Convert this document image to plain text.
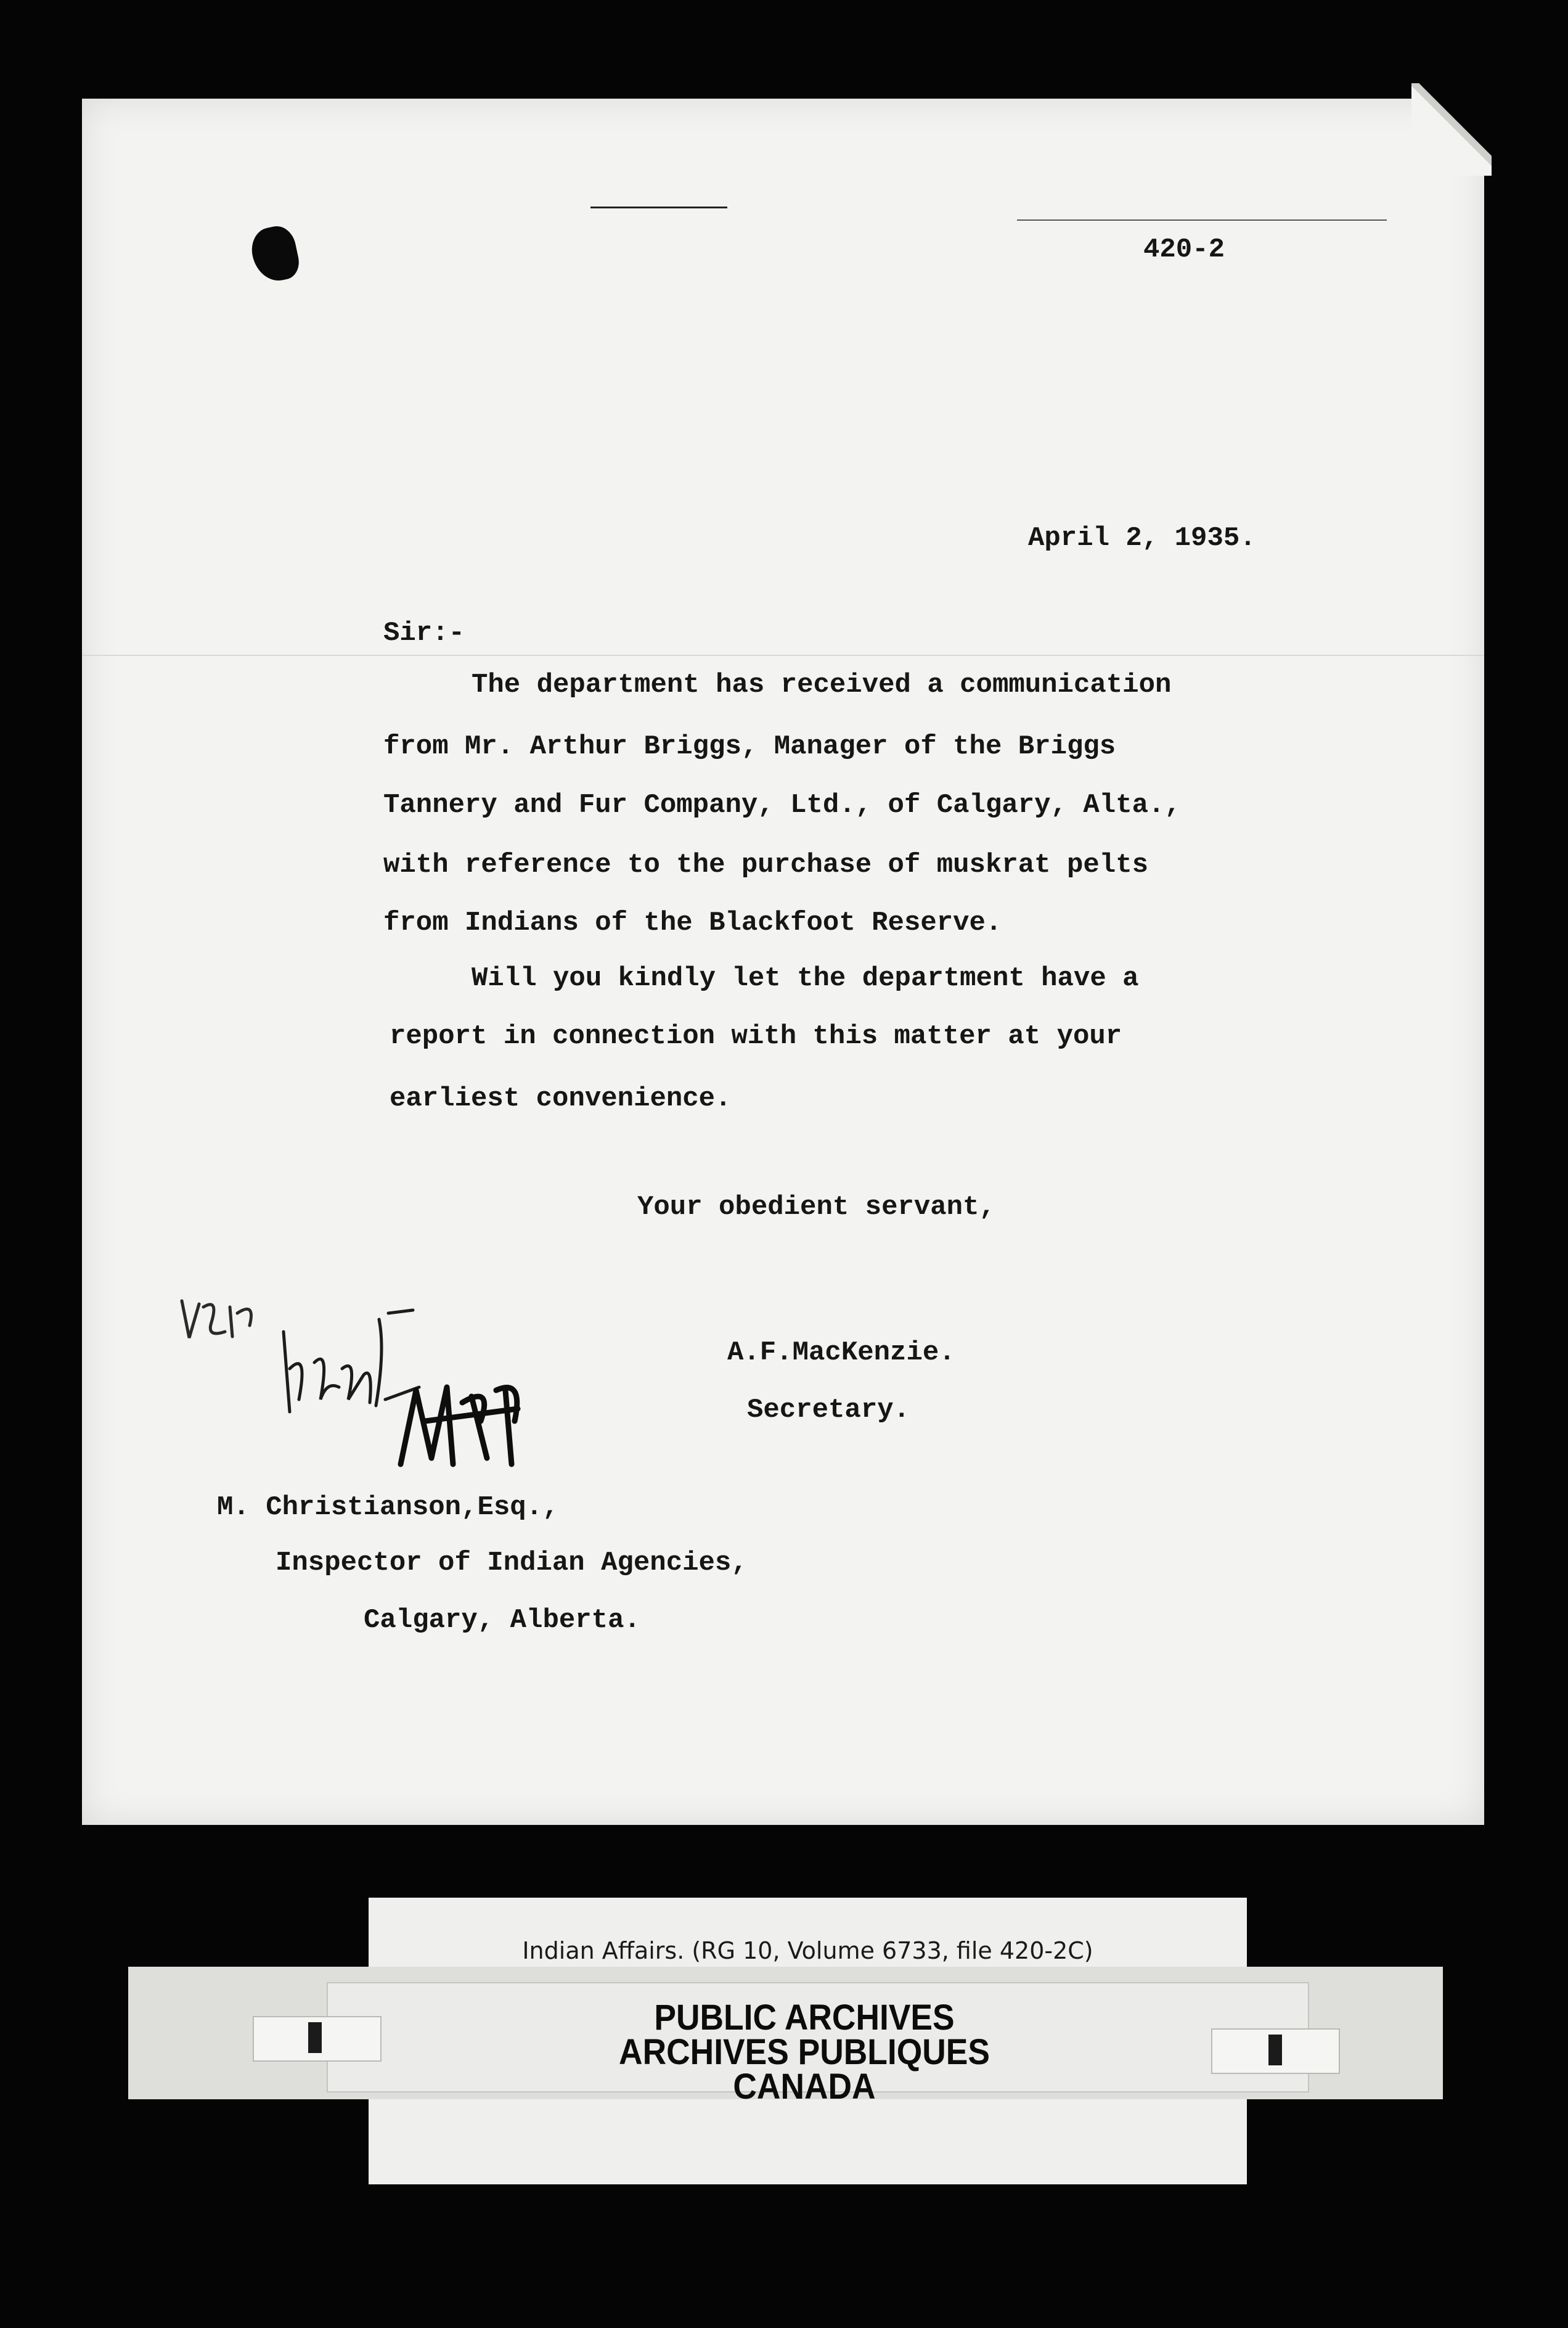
420-2

April 2, 1935.

Sir:-

The department has received a communication

from Mr. Arthur Briggs, Manager of the Briggs

Tannery and Fur Company, Ltd., of Calgary, Alta.,

with reference to the purchase of muskrat pelts

from Indians of the Blackfoot Reserve.

Will you kindly let the department have a

report in connection with this matter at your

earliest convenience.

Your obedient servant,

A.F.MacKenzie.

Secretary.

M. Christianson,Esq.,

Inspector of Indian Agencies,

Calgary, Alberta.

Indian Affairs. (RG 10, Volume 6733, file 420-2C)
PUBLIC ARCHIVES
ARCHIVES PUBLIQUES
CANADA
